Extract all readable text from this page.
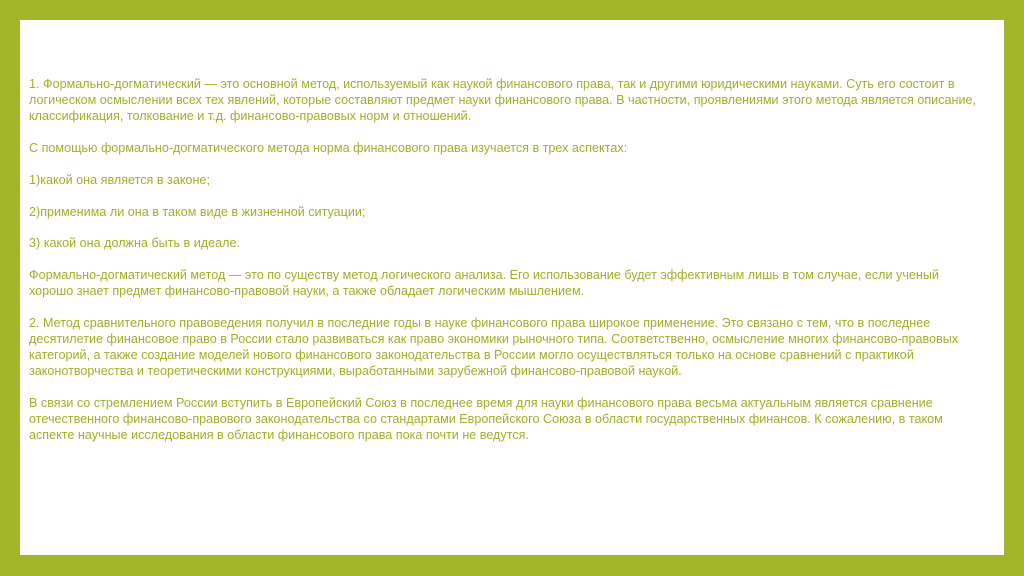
1. Формально-догматический — это основной метод, используемый как наукой финансового права, так и другими юридическими науками. Суть его состоит в логическом осмыслении всех тех явлений, которые составляют предмет науки финансового права. В частности, проявлениями этого метода является описание, классификация, толкование и т.д. финансово-правовых норм и отношений.

С помощью формально-догматического метода норма финансового права изучается в трех аспектах:

1)какой она является в законе;

2)применима ли она в таком виде в жизненной ситуации;

3) какой она должна быть в идеале.

Формально-догматический метод — это по существу метод логического анализа. Его использование будет эффективным лишь в том случае, если ученый хорошо знает предмет финансово-правовой науки, а также обладает логическим мышлением.

2. Метод сравнительного правоведения получил в последние годы в науке финансового права широкое применение. Это связано с тем, что в последнее десятилетие финансовое право в России стало развиваться как право экономики рыночного типа. Соответственно, осмысление многих финансово-правовых категорий, а также создание моделей нового финансового законодательства в России могло осуществляться только на основе сравнений с практикой законотворчества и теоретическими конструкциями, выработанными зарубежной финансово-правовой наукой.

В связи со стремлением России вступить в Европейский Союз в последнее время для науки финансового права весьма актуальным является сравнение отечественного финансово-правового законодательства со стандартами Европейского Союза в области государственных финансов. К сожалению, в таком аспекте научные исследования в области финансового права пока почти не ведутся.
